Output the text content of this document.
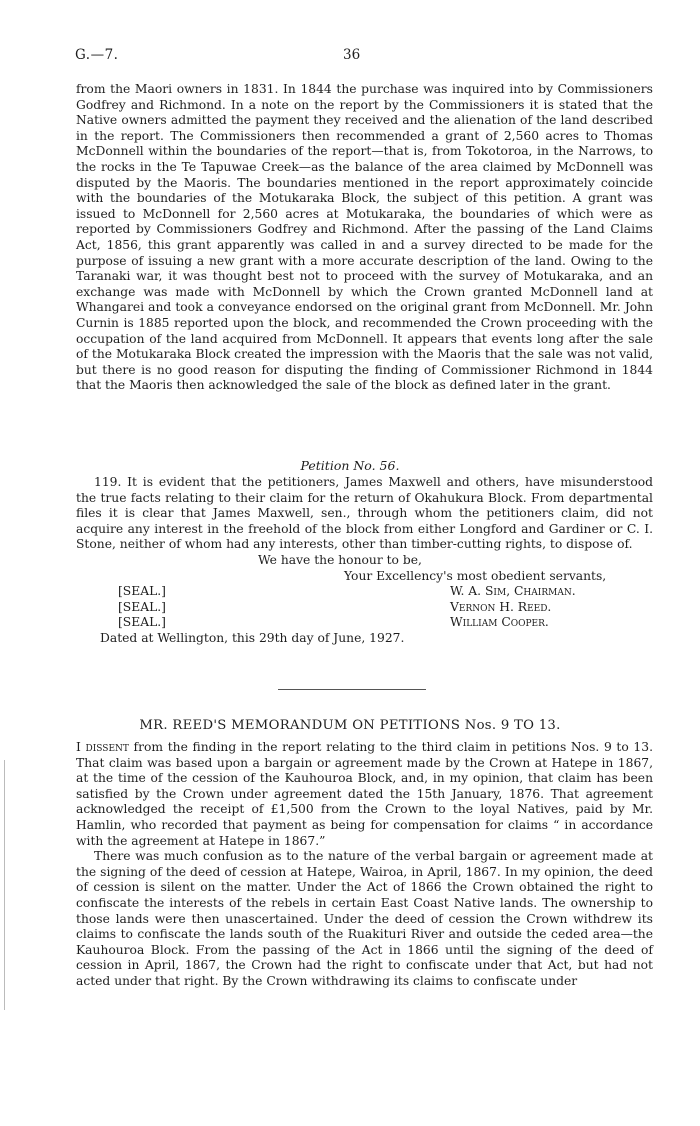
G.—7.	36

from the Maori owners in 1831. In 1844 the purchase was inquired into by Commissioners Godfrey and Richmond. In a note on the report by the Commissioners it is stated that the Native owners admitted the payment they received and the alienation of the land described in the report. The Commissioners then recommended a grant of 2,560 acres to Thomas McDonnell within the boundaries of the report—that is, from Tokotoroa, in the Narrows, to the rocks in the Te Tapuwae Creek—as the balance of the area claimed by McDonnell was disputed by the Maoris. The boundaries mentioned in the report approximately coincide with the boundaries of the Motukaraka Block, the subject of this petition. A grant was issued to McDonnell for 2,560 acres at Motukaraka, the boundaries of which were as reported by Commissioners Godfrey and Richmond. After the passing of the Land Claims Act, 1856, this grant apparently was called in and a survey directed to be made for the purpose of issuing a new grant with a more accurate description of the land. Owing to the Taranaki war, it was thought best not to proceed with the survey of Motukaraka, and an exchange was made with McDonnell by which the Crown granted McDonnell land at Whangarei and took a conveyance endorsed on the original grant from McDonnell. Mr. John Curnin is 1885 reported upon the block, and recommended the Crown proceeding with the occupation of the land acquired from McDonnell. It appears that events long after the sale of the Motukaraka Block created the impression with the Maoris that the sale was not valid, but there is no good reason for disputing the finding of Commissioner Richmond in 1844 that the Maoris then acknowledged the sale of the block as defined later in the grant.

Petition No. 56.

119. It is evident that the petitioners, James Maxwell and others, have misunderstood the true facts relating to their claim for the return of Okahukura Block. From departmental files it is clear that James Maxwell, sen., through whom the petitioners claim, did not acquire any interest in the freehold of the block from either Longford and Gardiner or C. I. Stone, neither of whom had any interests, other than timber-cutting rights, to dispose of.

We have the honour to be,
Your Excellency's most obedient servants,
[SEAL.]	W. A. Sim, Chairman.
[SEAL.]	Vernon H. Reed.
[SEAL.]	William Cooper.
Dated at Wellington, this 29th day of June, 1927.
MR. REED'S MEMORANDUM ON PETITIONS Nos. 9 TO 13.

I dissent from the finding in the report relating to the third claim in petitions Nos. 9 to 13. That claim was based upon a bargain or agreement made by the Crown at Hatepe in 1867, at the time of the cession of the Kauhouroa Block, and, in my opinion, that claim has been satisfied by the Crown under agreement dated the 15th January, 1876. That agreement acknowledged the receipt of £1,500 from the Crown to the loyal Natives, paid by Mr. Hamlin, who recorded that payment as being for compensation for claims “ in accordance with the agreement at Hatepe in 1867.”

There was much confusion as to the nature of the verbal bargain or agreement made at the signing of the deed of cession at Hatepe, Wairoa, in April, 1867. In my opinion, the deed of cession is silent on the matter. Under the Act of 1866 the Crown obtained the right to confiscate the interests of the rebels in certain East Coast Native lands. The ownership to those lands were then unascertained. Under the deed of cession the Crown withdrew its claims to confiscate the lands south of the Ruakituri River and outside the ceded area—the Kauhouroa Block. From the passing of the Act in 1866 until the signing of the deed of cession in April, 1867, the Crown had the right to confiscate under that Act, but had not acted under that right. By the Crown withdrawing its claims to confiscate under
